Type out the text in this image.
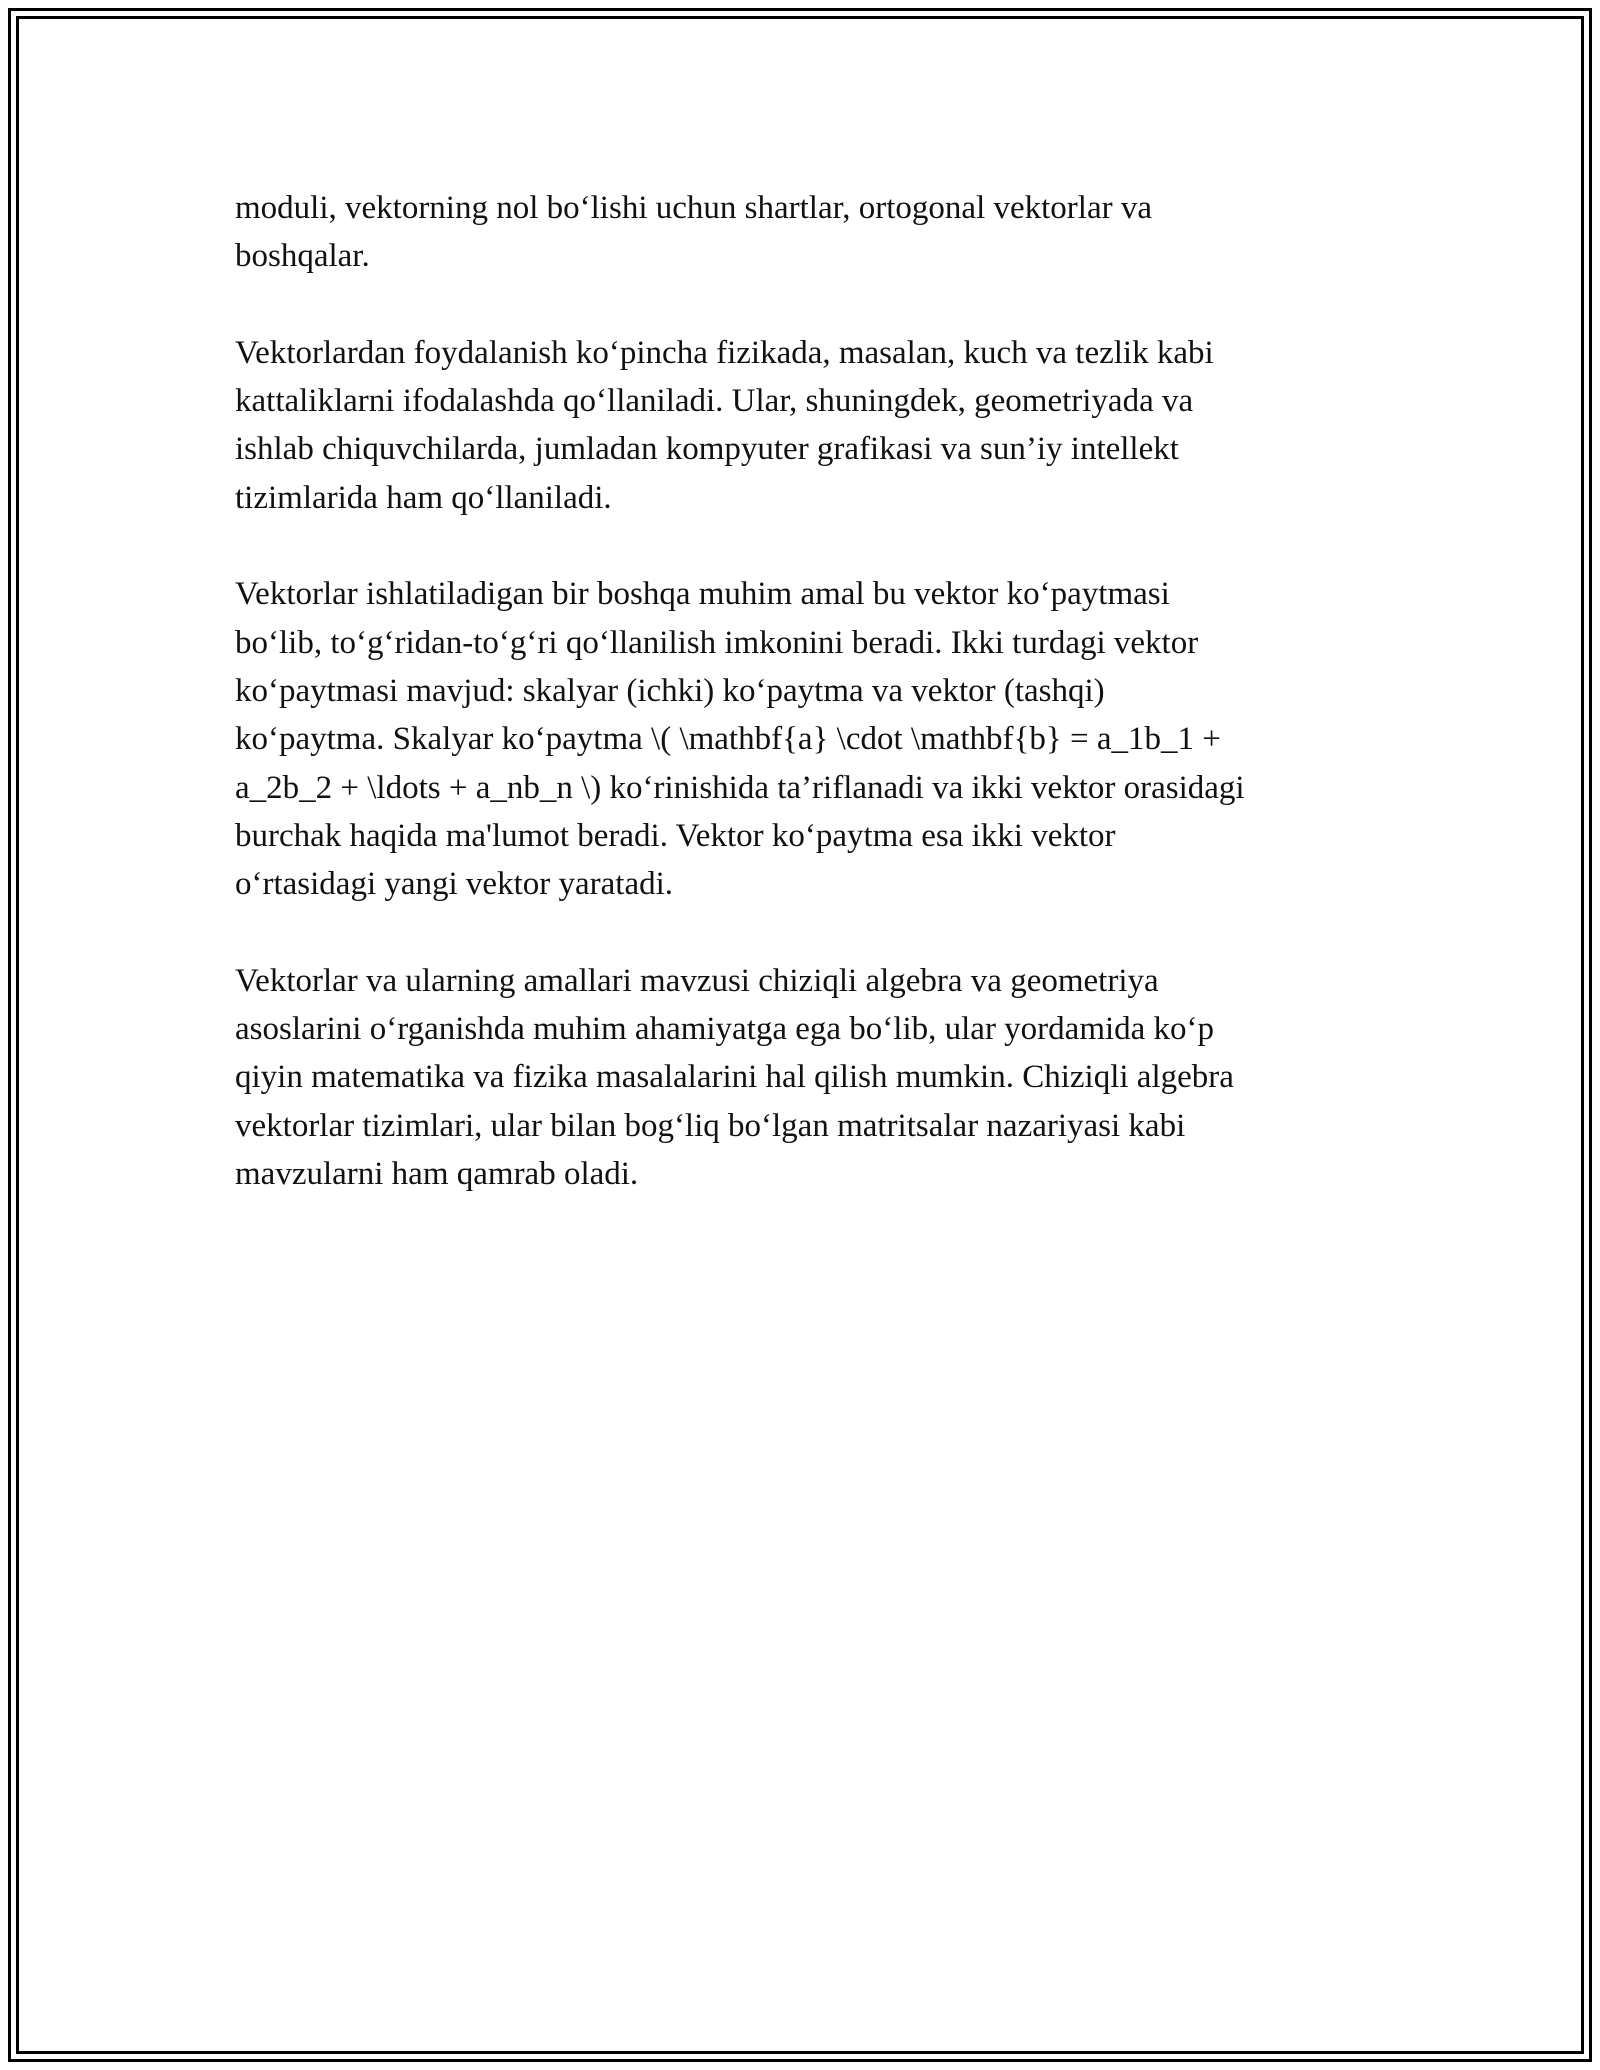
moduli, vektorning nol bo‘lishi uchun shartlar, ortogonal vektorlar va
boshqalar.

Vektorlardan foydalanish ko‘pincha fizikada, masalan, kuch va tezlik kabi
kattaliklarni ifodalashda qo‘llaniladi. Ular, shuningdek, geometriyada va
ishlab chiquvchilarda, jumladan kompyuter grafikasi va sun’iy intellekt
tizimlarida ham qo‘llaniladi.

Vektorlar ishlatiladigan bir boshqa muhim amal bu vektor ko‘paytmasi
bo‘lib, to‘g‘ridan-to‘g‘ri qo‘llanilish imkonini beradi. Ikki turdagi vektor
ko‘paytmasi mavjud: skalyar (ichki) ko‘paytma va vektor (tashqi)
ko‘paytma. Skalyar ko‘paytma \( \mathbf{a} \cdot \mathbf{b} = a_1b_1 +
a_2b_2 + \ldots + a_nb_n \) ko‘rinishida ta’riflanadi va ikki vektor orasidagi
burchak haqida ma'lumot beradi. Vektor ko‘paytma esa ikki vektor
o‘rtasidagi yangi vektor yaratadi.

Vektorlar va ularning amallari mavzusi chiziqli algebra va geometriya
asoslarini o‘rganishda muhim ahamiyatga ega bo‘lib, ular yordamida ko‘p
qiyin matematika va fizika masalalarini hal qilish mumkin. Chiziqli algebra
vektorlar tizimlari, ular bilan bog‘liq bo‘lgan matritsalar nazariyasi kabi
mavzularni ham qamrab oladi.
